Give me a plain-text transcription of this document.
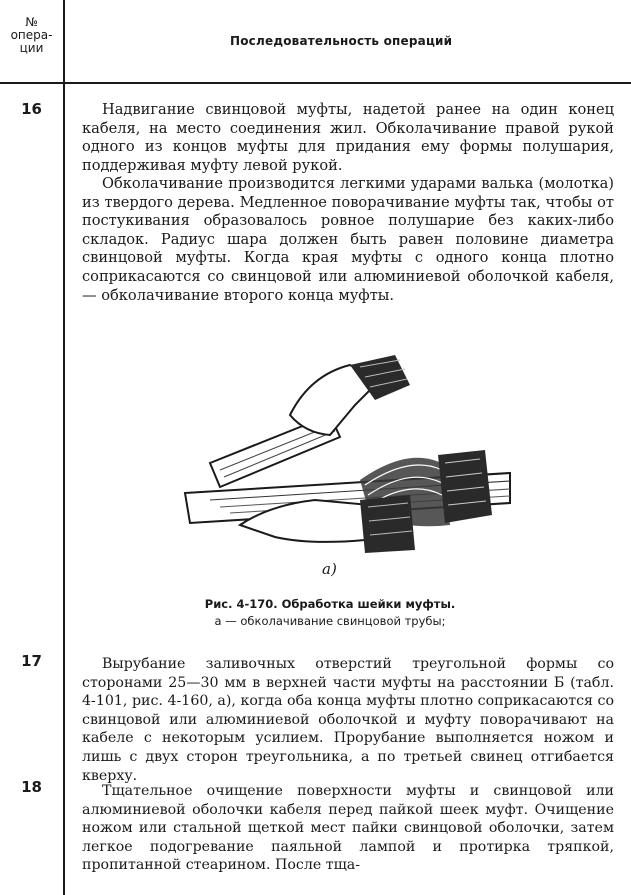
№
опера-
ции	Последовательность операций
16	Надвигание свинцовой муфты, надетой ранее на один конец кабеля, на место соединения жил. Обколачивание правой рукой одного из концов муфты для придания ему формы полушария, поддерживая муфту левой рукой.

Обколачивание производится легкими ударами валька (молотка) из твердого дерева. Медленное поворачивание муфты так, чтобы от постукивания образовалось ровное полушарие без каких-либо складок. Радиус шара должен быть равен половине диаметра свинцовой муфты. Когда края муфты с одного конца плотно соприкасаются со свинцовой или алюминиевой оболочкой кабеля, — обколачивание второго конца муфты.

а)
Рис. 4-170. Обработка шейки муфты.
а — обколачивание свинцовой трубы;
17	Вырубание заливочных отверстий треугольной формы со сторонами 25—30 мм в верхней части муфты на расстоянии Б (табл. 4-101, рис. 4-160, а), когда оба конца муфты плотно соприкасаются со свинцовой или алюминиевой оболочкой и муфту поворачивают на кабеле с некоторым усилием. Прорубание выполняется ножом и лишь с двух сторон треугольника, а по третьей свинец отгибается кверху.

18	Тщательное очищение поверхности муфты и свинцовой или алюминиевой оболочки кабеля перед пайкой шеек муфт. Очищение ножом или стальной щеткой мест пайки свинцовой оболочки, затем легкое подогревание паяльной лампой и протирка тряпкой, пропитанной стеарином. После тща-
